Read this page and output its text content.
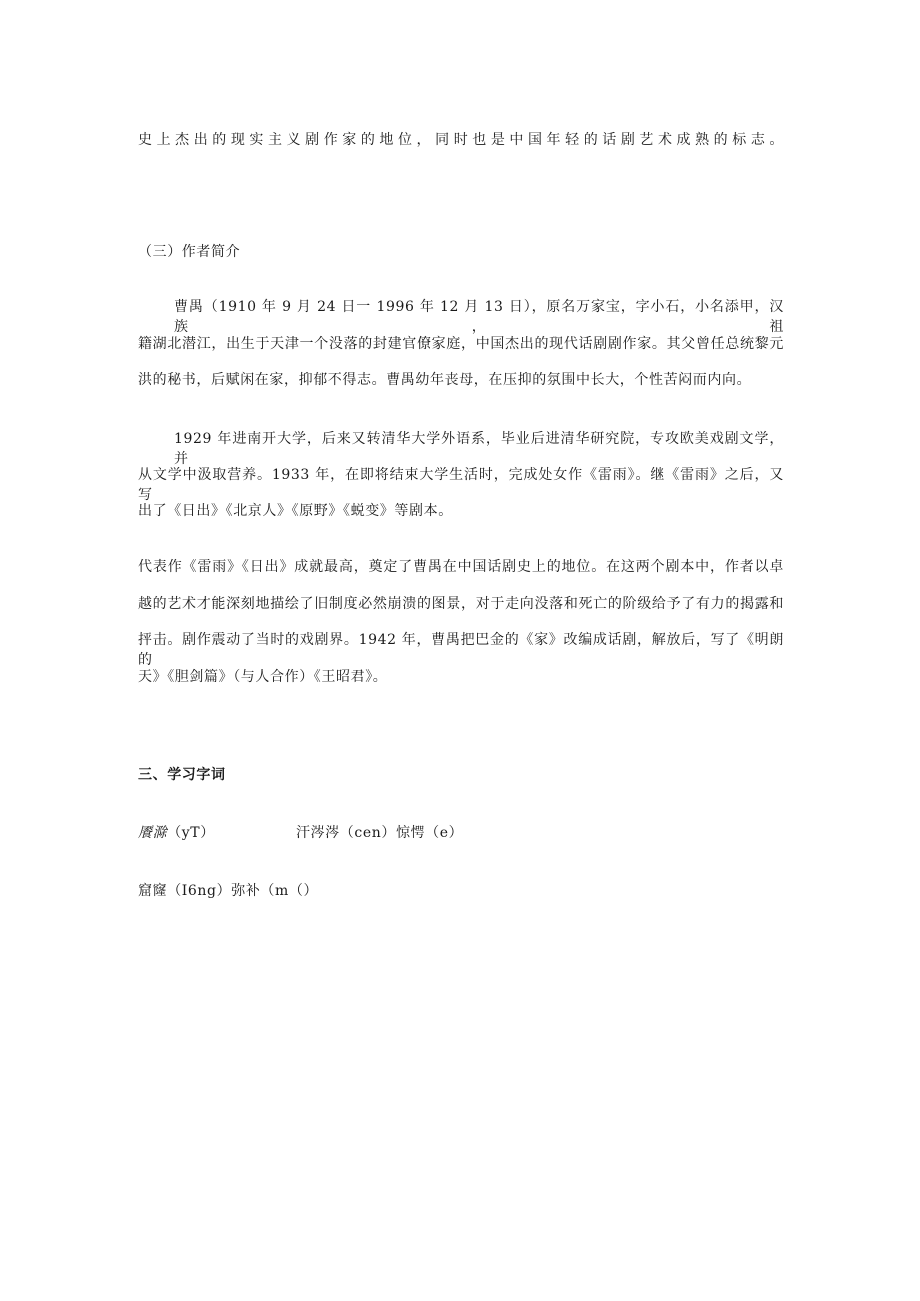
史上杰出的现实主义剧作家的地位，同时也是中国年轻的话剧艺术成熟的标志。
（三）作者简介
曹禺（1910 年 9 月 24 日一 1996 年 12 月 13 日），原名万家宝，字小石，小名添甲，汉族，祖
籍湖北潜江，出生于天津一个没落的封建官僚家庭，中国杰出的现代话剧剧作家。其父曾任总统黎元
洪的秘书，后赋闲在家，抑郁不得志。曹禺幼年丧母，在压抑的氛围中长大，个性苦闷而内向。
1929 年进南开大学，后来又转清华大学外语系，毕业后进清华研究院，专攻欧美戏剧文学，并
从文学中汲取营养。1933 年，在即将结束大学生活时，完成处女作《雷雨》。继《雷雨》之后，又写
出了《日出》《北京人》《原野》《蜕变》等剧本。
代表作《雷雨》《日出》成就最高，奠定了曹禺在中国话剧史上的地位。在这两个剧本中，作者以卓
越的艺术才能深刻地描绘了旧制度必然崩溃的图景，对于走向没落和死亡的阶级给予了有力的揭露和
抨击。剧作震动了当时的戏剧界。1942 年，曹禺把巴金的《家》改编成话剧，解放后，写了《明朗的
天》《胆剑篇》（与人合作）《王昭君》。
三、学习字词
餍滁（yT）	汗涔涔（cen）惊愕（e）
窟窿（I6ng）弥补（m（）
